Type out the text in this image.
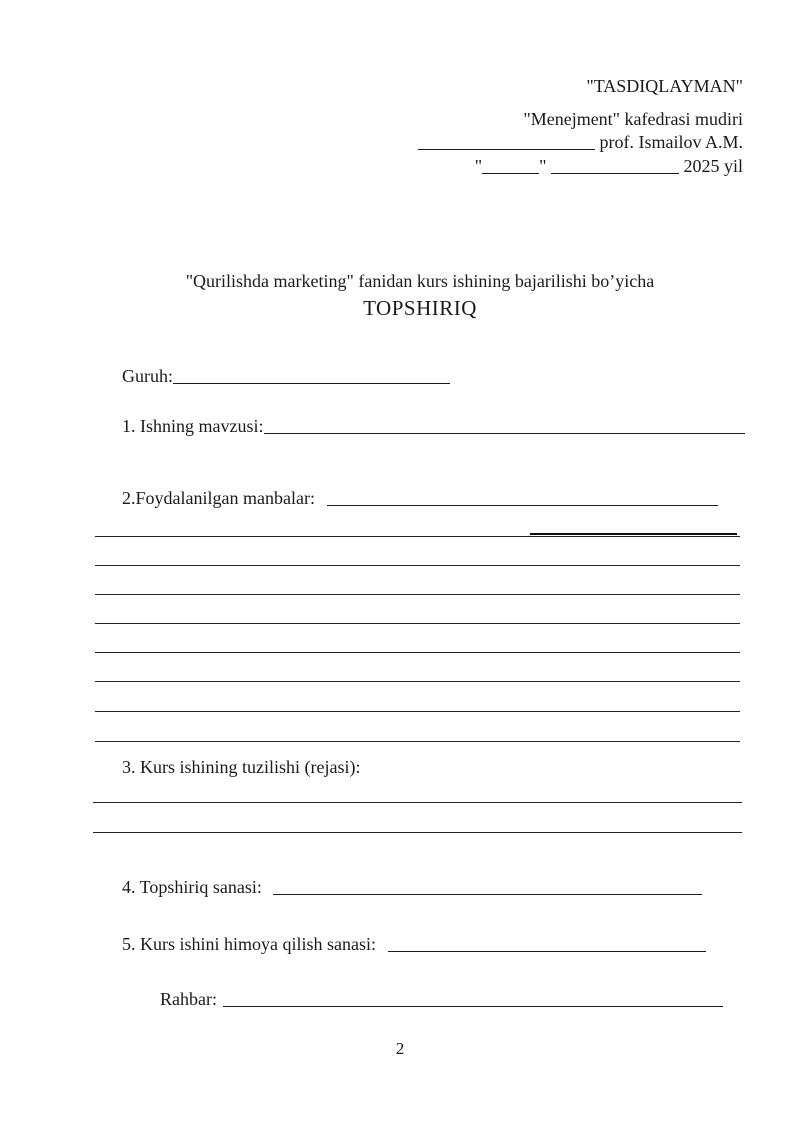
"TASDIQLAYMAN"
"Menejment" kafedrasi mudiri
prof. Ismailov A.M.
"	"	2025 yil
"Qurilishda marketing" fanidan kurs ishining bajarilishi bo’yicha
TOPSHIRIQ
Guruh:
1. Ishning mavzusi:
2.Foydalanilgan manbalar:
3. Kurs ishining tuzilishi (rejasi):
4. Topshiriq sanasi:
5. Kurs ishini himoya qilish sanasi:
Rahbar:
2
